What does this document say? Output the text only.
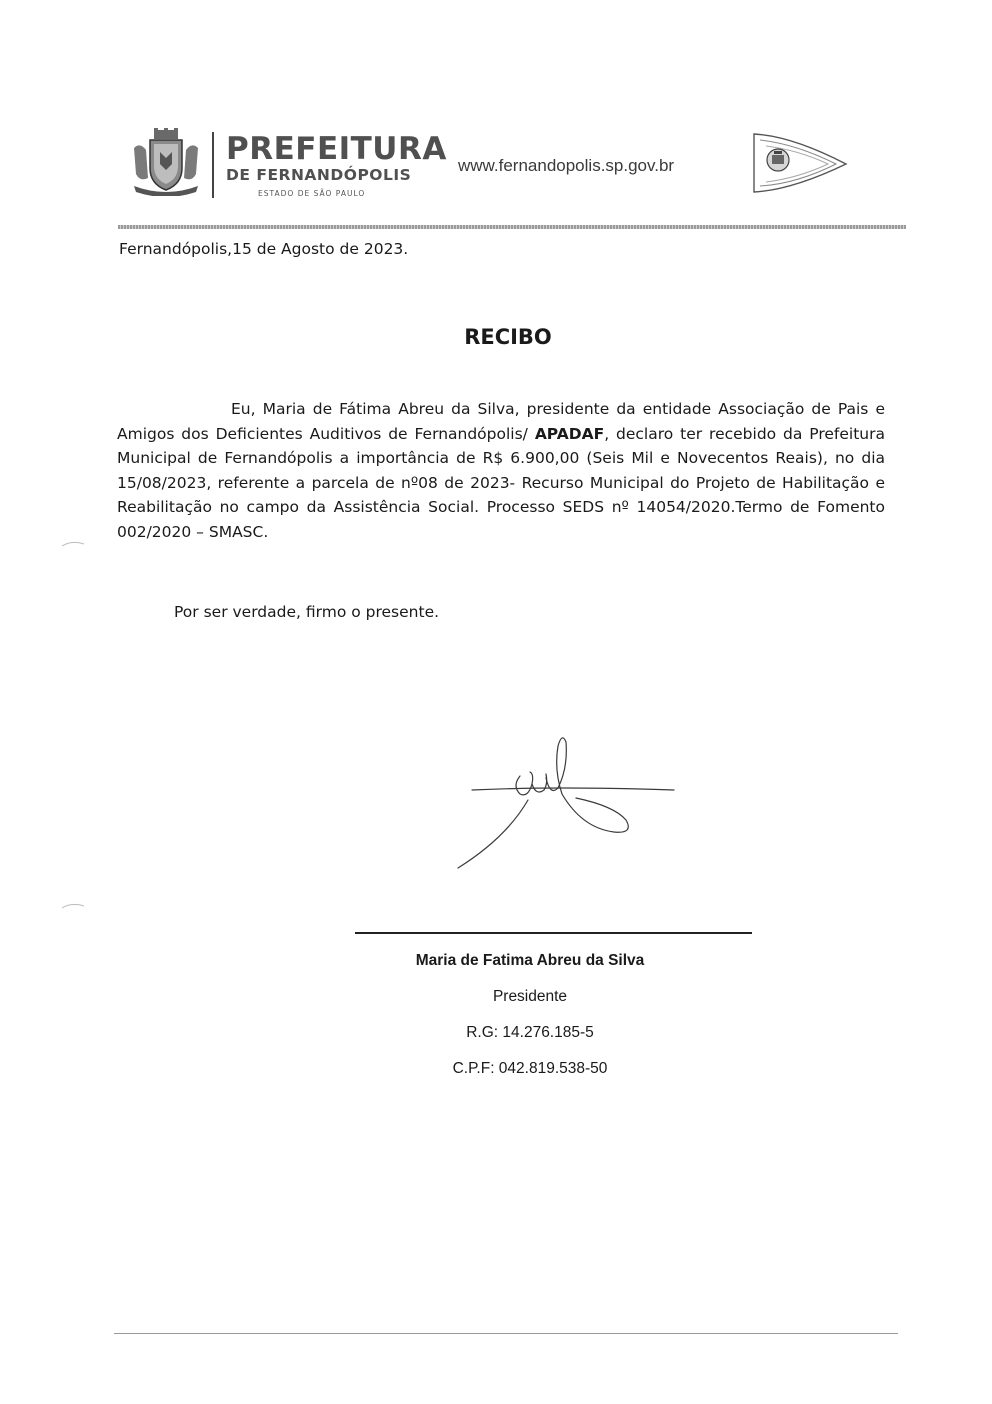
PREFEITURA
DE FERNANDÓPOLIS
ESTADO DE SÃO PAULO
www.fernandopolis.sp.gov.br
Fernandópolis,15 de Agosto de 2023.
RECIBO
Eu, Maria de Fátima Abreu da Silva, presidente da entidade Associação de Pais e Amigos dos Deficientes Auditivos de Fernandópolis/ APADAF, declaro ter recebido da Prefeitura Municipal de Fernandópolis a importância de R$ 6.900,00 (Seis Mil e Novecentos Reais), no dia 15/08/2023, referente a parcela de nº08 de 2023- Recurso Municipal do Projeto de Habilitação e Reabilitação no campo da Assistência Social. Processo SEDS nº 14054/2020.Termo de Fomento 002/2020 – SMASC.
Por ser verdade, firmo o presente.
Maria de Fatima Abreu da Silva
Presidente
R.G: 14.276.185-5
C.P.F: 042.819.538-50
